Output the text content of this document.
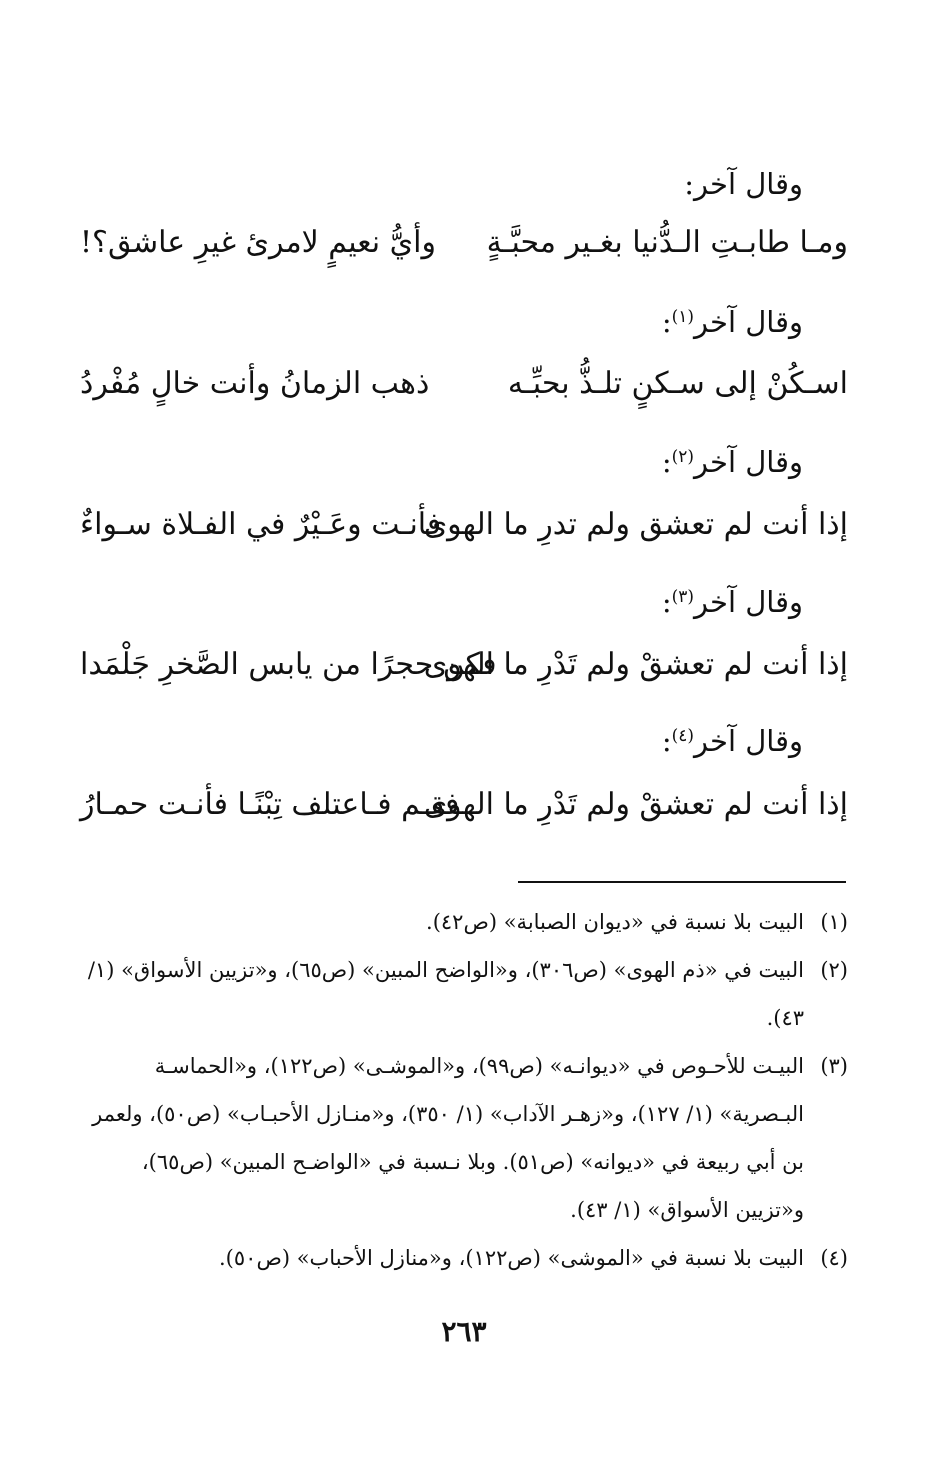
وقال آخر:
ومـا طابـتِ الـدُّنيا بغـير محبَّـةٍ
وأيُّ نعيمٍ لامرئ غيرِ عاشق؟!
وقال آخر$^{(١)}$:
اسـكُنْ إلى سـكنٍ تلـذُّ بحبِّـه
ذهب الزمانُ وأنت خالٍ مُفْردُ
وقال آخر$^{(٢)}$:
إذا أنت لم تعشق ولم تدرِ ما الهوى
فأنـت وعَـيْرٌ في الفـلاة سـواءٌ
وقال آخر$^{(٣)}$:
إذا أنت لم تعشقْ ولم تَدْرِ ما الهوى
فكن حجرًا من يابس الصَّخرِ جَلْمَدا
وقال آخر$^{(٤)}$:
إذا أنت لم تعشقْ ولم تَدْرِ ما الهوى
فقـم فـاعتلف تِبْنًـا فأنـت حمـارُ
(١)
البيت بلا نسبة في «ديوان الصبابة» (ص٤٢).
(٢)
البيت في «ذم الهوى» (ص٣٠٦)، و«الواضح المبين» (ص٦٥)، و«تزيين الأسواق» (١/ ٤٣).
(٣)
البيـت للأحـوص في «ديوانـه» (ص٩٩)، و«الموشـى» (ص١٢٢)، و«الحماسـة البـصرية» (١/ ١٢٧)، و«زهـر الآداب» (١/ ٣٥٠)، و«منـازل الأحبـاب» (ص٥٠)، ولعمر بن أبي ربيعة في «ديوانه» (ص٥١). وبلا نـسبة في «الواضـح المبين» (ص٦٥)، و«تزيين الأسواق» (١/ ٤٣).
(٤)
البيت بلا نسبة في «الموشى» (ص١٢٢)، و«منازل الأحباب» (ص٥٠).
٢٦٣
